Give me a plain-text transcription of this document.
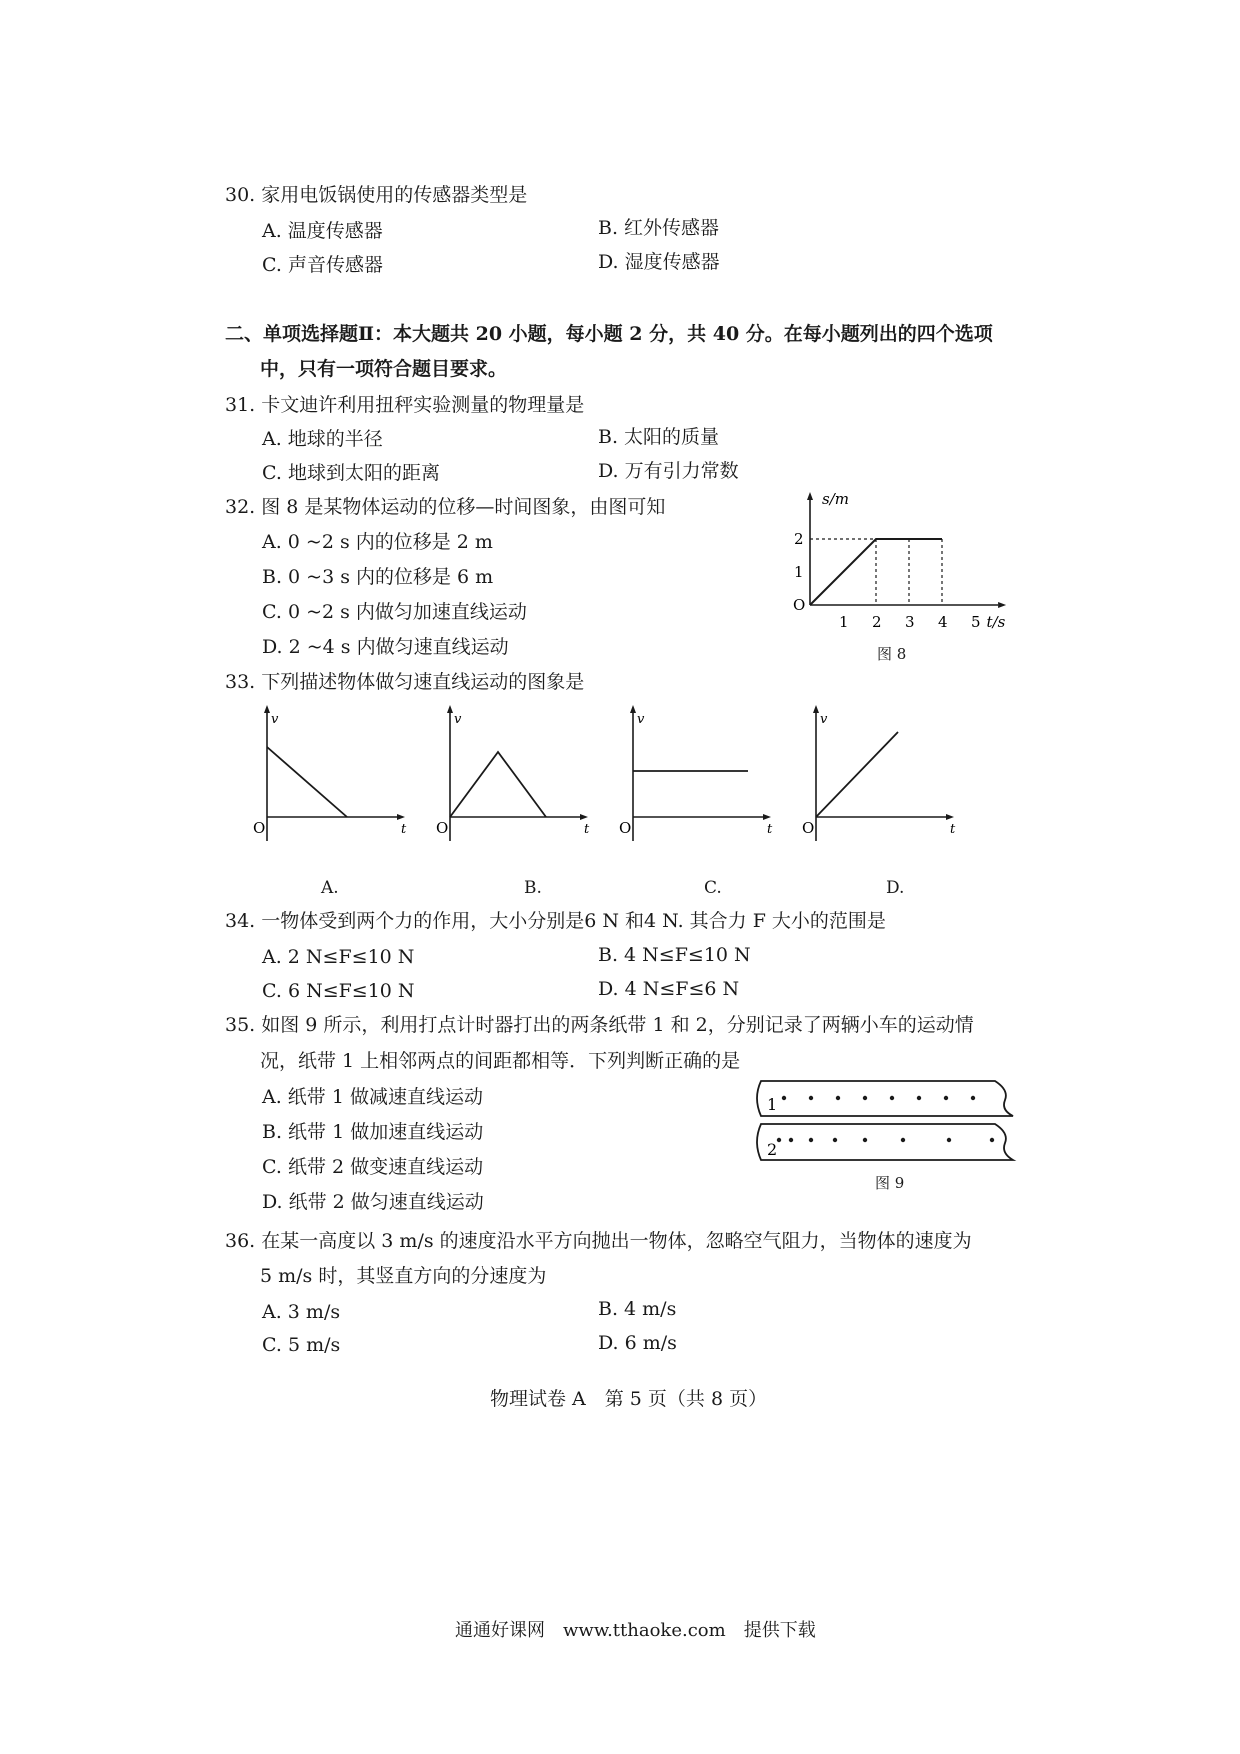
30. 家用电饭锅使用的传感器类型是
A. 温度传感器	B. 红外传感器
C. 声音传感器	D. 湿度传感器
二、单项选择题Ⅱ：本大题共 20 小题，每小题 2 分，共 40 分。在每小题列出的四个选项
中，只有一项符合题目要求。
31. 卡文迪许利用扭秤实验测量的物理量是
A. 地球的半径	B. 太阳的质量
C. 地球到太阳的距离	D. 万有引力常数
32. 图 8 是某物体运动的位移—时间图象，由图可知
A. 0 ~2 s 内的位移是 2 m
B. 0 ~3 s 内的位移是 6 m
C. 0 ~2 s 内做匀加速直线运动
D. 2 ~4 s 内做匀速直线运动
s/m
t/s
O
1 2 3 4 5
1
2
图 8
33. 下列描述物体做匀速直线运动的图象是
v
t
O
v
t
O
v
t
O
v
t
O
A.	B.	C.	D.
34. 一物体受到两个力的作用，大小分别是6 N 和4 N. 其合力 F 大小的范围是
A. 2 N≤F≤10 N	B. 4 N≤F≤10 N
C. 6 N≤F≤10 N	D. 4 N≤F≤6 N
35. 如图 9 所示，利用打点计时器打出的两条纸带 1 和 2，分别记录了两辆小车的运动情
况，纸带 1 上相邻两点的间距都相等．下列判断正确的是
A. 纸带 1 做减速直线运动
B. 纸带 1 做加速直线运动
C. 纸带 2 做变速直线运动
D. 纸带 2 做匀速直线运动
1
2
图 9
36. 在某一高度以 3 m/s 的速度沿水平方向抛出一物体，忽略空气阻力，当物体的速度为
5 m/s 时，其竖直方向的分速度为
A. 3 m/s	B. 4 m/s
C. 5 m/s	D. 6 m/s
物理试卷 A　第 5 页（共 8 页）
通通好课网　www.tthaoke.com　提供下载
